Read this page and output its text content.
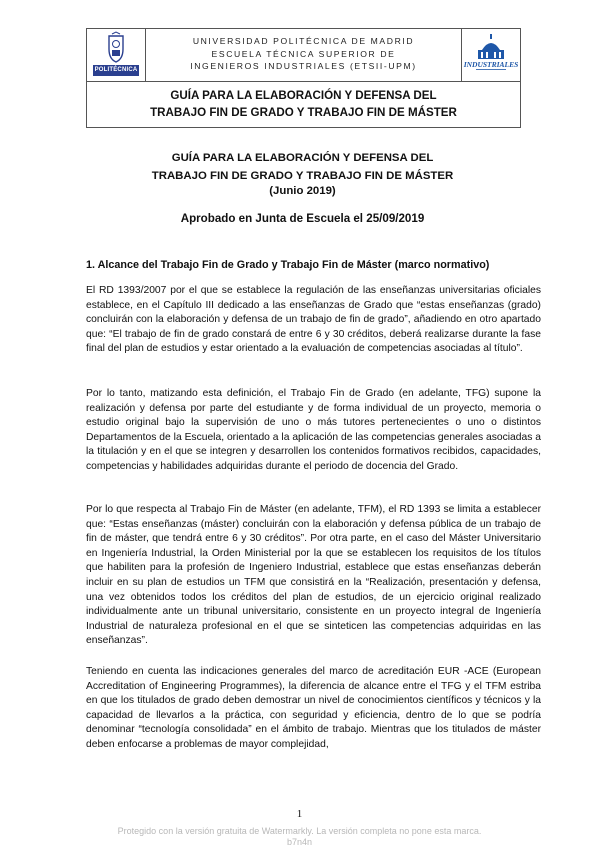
POLITÉCNICA
UNIVERSIDAD POLITÉCNICA DE MADRID
ESCUELA TÉCNICA SUPERIOR DE
INGENIEROS INDUSTRIALES (ETSII-UPM)	INDUSTRIALES
GUÍA PARA LA ELABORACIÓN Y DEFENSA DEL
TRABAJO FIN DE GRADO Y TRABAJO FIN DE MÁSTER
GUÍA PARA LA ELABORACIÓN Y DEFENSA DEL
TRABAJO FIN DE GRADO Y TRABAJO FIN DE MÁSTER
(Junio 2019)
Aprobado en Junta de Escuela el 25/09/2019
1. Alcance del Trabajo Fin de Grado y Trabajo Fin de Máster (marco normativo)

El RD 1393/2007 por el que se establece la regulación de las enseñanzas universitarias oficiales establece, en el Capítulo III dedicado a las enseñanzas de Grado que “estas enseñanzas (grado) concluirán con la elaboración y defensa de un trabajo de fin de grado”, añadiendo en otro apartado que: “El trabajo de fin de grado constará de entre 6 y 30 créditos, deberá realizarse durante la fase final del plan de estudios y estar orientado a la evaluación de competencias asociadas al título”.

Por lo tanto, matizando esta definición, el Trabajo Fin de Grado (en adelante, TFG) supone la realización y defensa por parte del estudiante y de forma individual de un proyecto, memoria o estudio original bajo la supervisión de uno o más tutores pertenecientes o uno o distintos Departamentos de la Escuela, orientado a la aplicación de las competencias generales asociadas a la titulación y en el que se integren y desarrollen los contenidos formativos recibidos, capacidades, competencias y habilidades adquiridas durante el periodo de docencia del Grado.

Por lo que respecta al Trabajo Fin de Máster (en adelante, TFM), el RD 1393 se limita a establecer que: “Estas enseñanzas (máster) concluirán con la elaboración y defensa pública de un trabajo de fin de máster, que tendrá entre 6 y 30 créditos”. Por otra parte, en el caso del Máster Universitario en Ingeniería Industrial, la Orden Ministerial por la que se establecen los requisitos de los títulos que habiliten para la profesión de Ingeniero Industrial, establece que estas enseñanzas deberán incluir en su plan de estudios un TFM que consistirá en la “Realización, presentación y defensa, una vez obtenidos todos los créditos del plan de estudios, de un ejercicio original realizado individualmente ante un tribunal universitario, consistente en un proyecto integral de Ingeniería Industrial de naturaleza profesional en el que se sinteticen las competencias adquiridas en las enseñanzas”.

Teniendo en cuenta las indicaciones generales del marco de acreditación EUR -ACE (European Accreditation of Engineering Programmes), la diferencia de alcance entre el TFG y el TFM estriba en que los titulados de grado deben demostrar un nivel de conocimientos científicos y técnicos y la capacidad de llevarlos a la práctica, con seguridad y eficiencia, dentro de lo que se podría denominar “tecnología consolidada” en el ámbito de trabajo. Mientras que los titulados de máster deben enfocarse a problemas de mayor complejidad,

1
Protegido con la versión gratuita de Watermarkly. La versión completa no pone esta marca.
b7n4n
